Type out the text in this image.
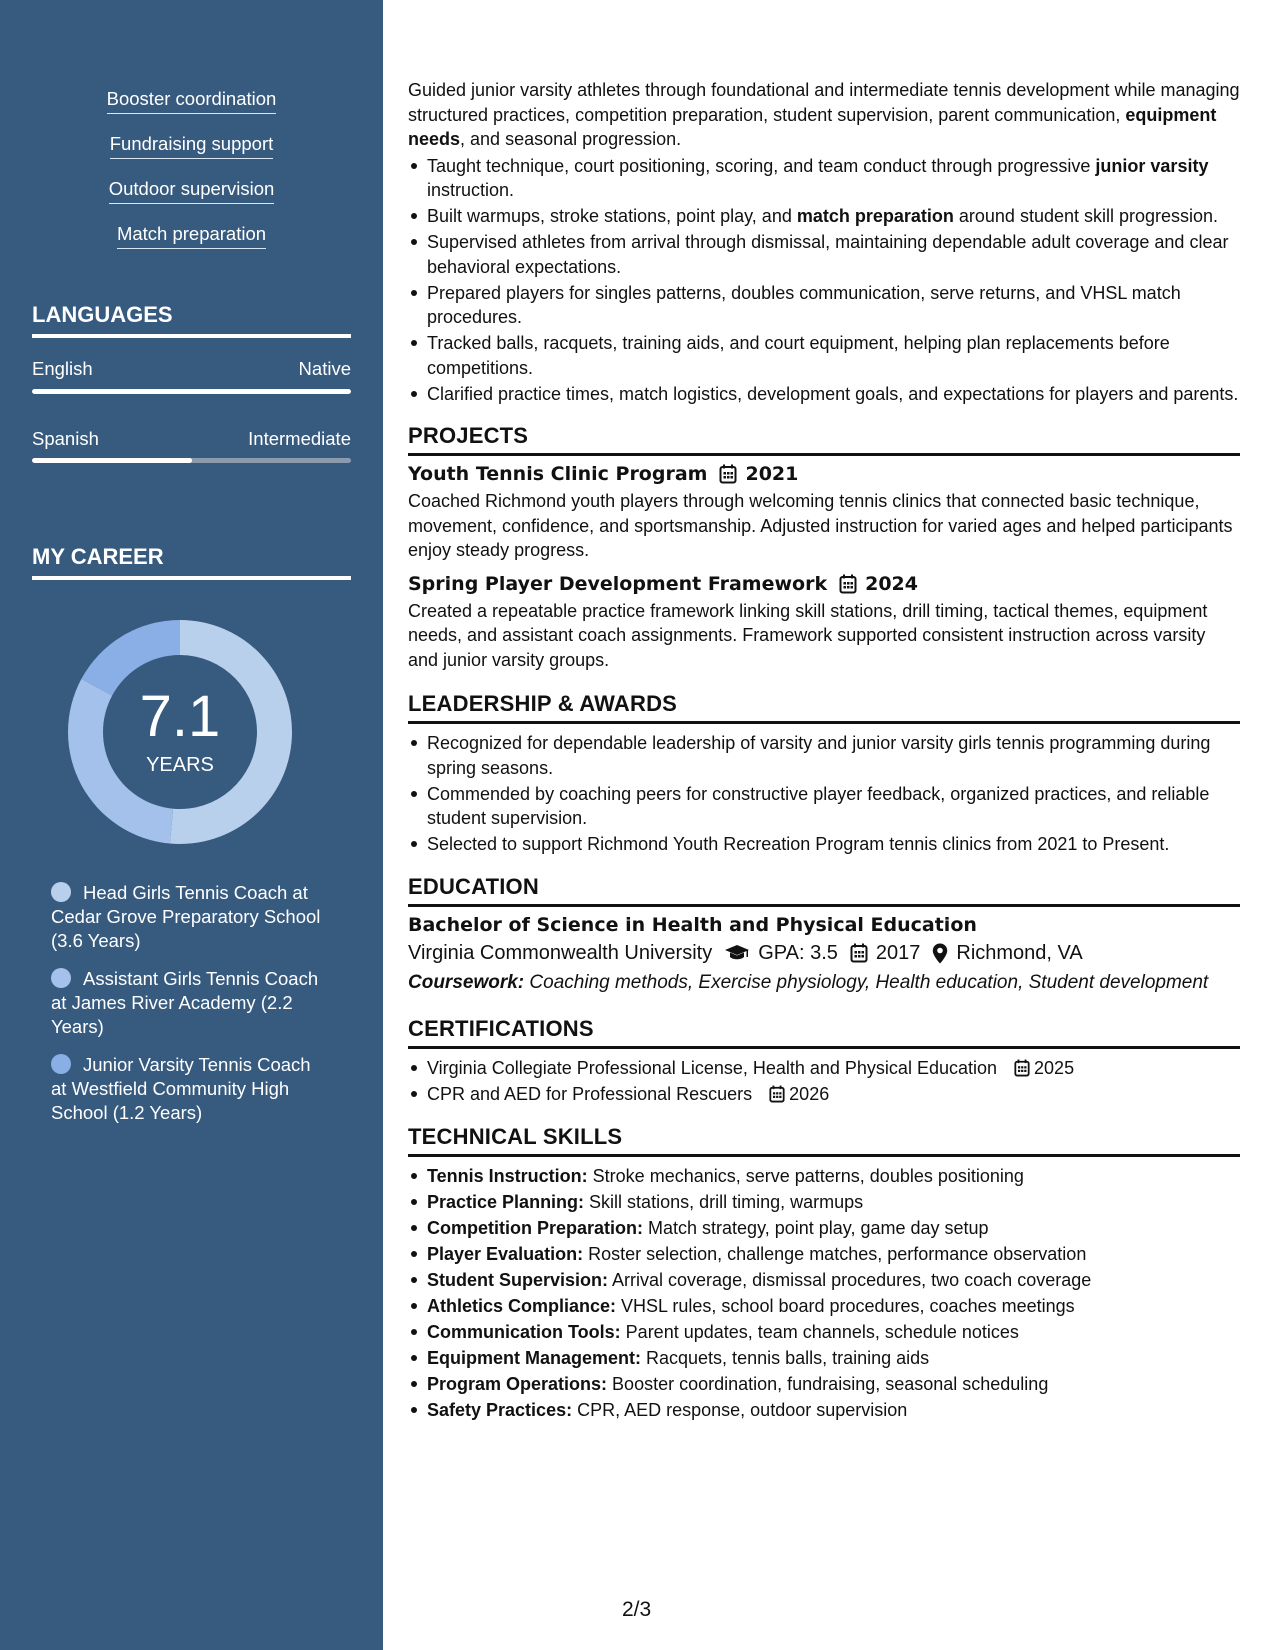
Booster coordination
Fundraising support
Outdoor supervision
Match preparation
LANGUAGES
English	Native
Spanish	Intermediate
MY CAREER
7.1
YEARS
Head Girls Tennis Coach at Cedar Grove Preparatory School (3.6 Years)
Assistant Girls Tennis Coach at James River Academy (2.2 Years)
Junior Varsity Tennis Coach at Westfield Community High School (1.2 Years)
Guided junior varsity athletes through foundational and intermediate tennis development while managing structured practices, competition preparation, student supervision, parent communication, equipment needs, and seasonal progression.
Taught technique, court positioning, scoring, and team conduct through progressive junior varsity instruction.
Built warmups, stroke stations, point play, and match preparation around student skill progression.
Supervised athletes from arrival through dismissal, maintaining dependable adult coverage and clear behavioral expectations.
Prepared players for singles patterns, doubles communication, serve returns, and VHSL match procedures.
Tracked balls, racquets, training aids, and court equipment, helping plan replacements before competitions.
Clarified practice times, match logistics, development goals, and expectations for players and parents.
PROJECTS
Youth Tennis Clinic Program 2021
Coached Richmond youth players through welcoming tennis clinics that connected basic technique, movement, confidence, and sportsmanship. Adjusted instruction for varied ages and helped participants enjoy steady progress.
Spring Player Development Framework 2024
Created a repeatable practice framework linking skill stations, drill timing, tactical themes, equipment needs, and assistant coach assignments. Framework supported consistent instruction across varsity and junior varsity groups.
LEADERSHIP & AWARDS
Recognized for dependable leadership of varsity and junior varsity girls tennis programming during spring seasons.
Commended by coaching peers for constructive player feedback, organized practices, and reliable student supervision.
Selected to support Richmond Youth Recreation Program tennis clinics from 2021 to Present.
EDUCATION
Bachelor of Science in Health and Physical Education
Virginia Commonwealth University GPA: 3.5 2017 Richmond, VA
Coursework: Coaching methods, Exercise physiology, Health education, Student development
CERTIFICATIONS
Virginia Collegiate Professional License, Health and Physical Education 2025
CPR and AED for Professional Rescuers 2026
TECHNICAL SKILLS
Tennis Instruction: Stroke mechanics, serve patterns, doubles positioning
Practice Planning: Skill stations, drill timing, warmups
Competition Preparation: Match strategy, point play, game day setup
Player Evaluation: Roster selection, challenge matches, performance observation
Student Supervision: Arrival coverage, dismissal procedures, two coach coverage
Athletics Compliance: VHSL rules, school board procedures, coaches meetings
Communication Tools: Parent updates, team channels, schedule notices
Equipment Management: Racquets, tennis balls, training aids
Program Operations: Booster coordination, fundraising, seasonal scheduling
Safety Practices: CPR, AED response, outdoor supervision
2/3
